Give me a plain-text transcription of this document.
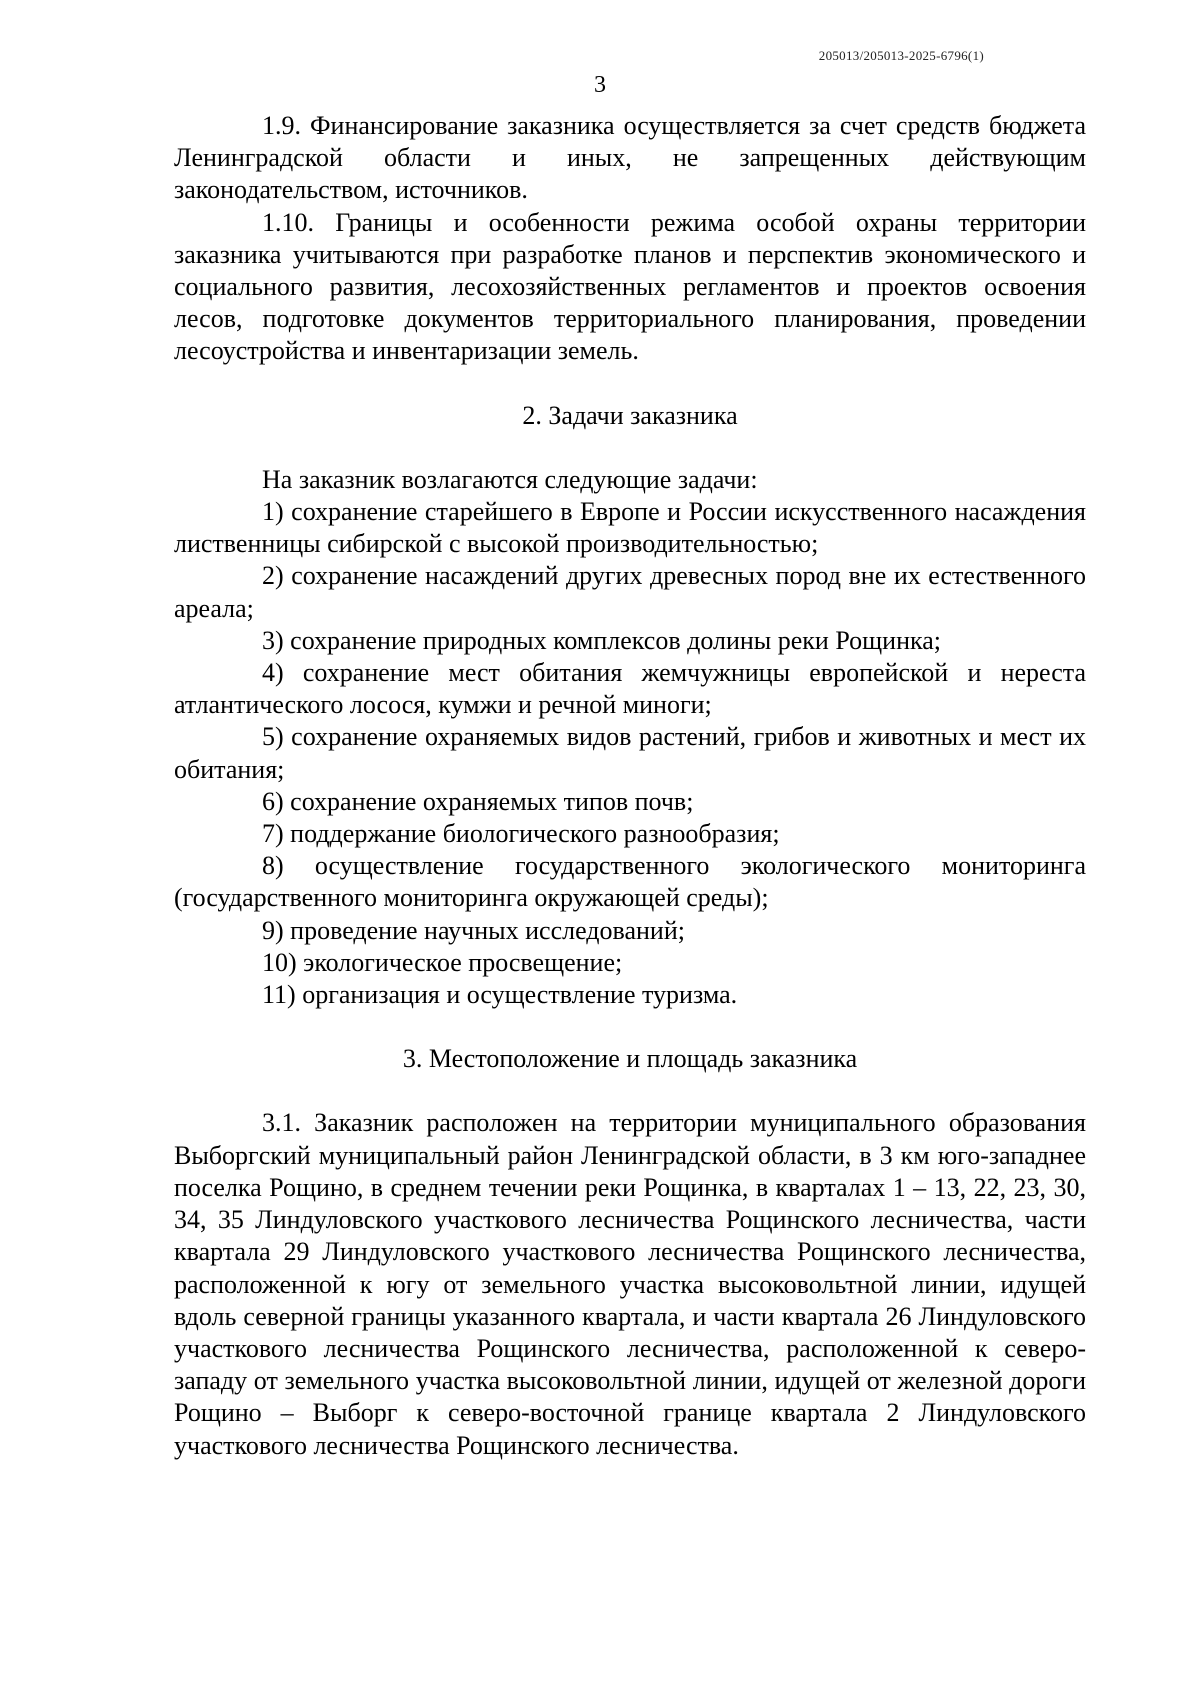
205013/205013-2025-6796(1)
3

1.9. Финансирование заказника осуществляется за счет средств бюджета Ленинградской области и иных, не запрещенных действующим законодательством, источников.

1.10. Границы и особенности режима особой охраны территории заказника учитываются при разработке планов и перспектив экономического и социального развития, лесохозяйственных регламентов и проектов освоения лесов, подготовке документов территориального планирования, проведении лесоустройства и инвентаризации земель.

2. Задачи заказника

На заказник возлагаются следующие задачи:

1) сохранение старейшего в Европе и России искусственного насаждения лиственницы сибирской с высокой производительностью;

2) сохранение насаждений других древесных пород вне их естественного ареала;

3) сохранение природных комплексов долины реки Рощинка;

4) сохранение мест обитания жемчужницы европейской и нереста атлантического лосося, кумжи и речной миноги;

5) сохранение охраняемых видов растений, грибов и животных и мест их обитания;

6) сохранение охраняемых типов почв;

7) поддержание биологического разнообразия;

8) осуществление государственного экологического мониторинга (государственного мониторинга окружающей среды);

9) проведение научных исследований;

10) экологическое просвещение;

11) организация и осуществление туризма.

3. Местоположение и площадь заказника

3.1. Заказник расположен на территории муниципального образования Выборгский муниципальный район Ленинградской области, в 3 км юго-западнее поселка Рощино, в среднем течении реки Рощинка, в кварталах 1 – 13, 22, 23, 30, 34, 35 Линдуловского участкового лесничества Рощинского лесничества, части квартала 29 Линдуловского участкового лесничества Рощинского лесничества, расположенной к югу от земельного участка высоковольтной линии, идущей вдоль северной границы указанного квартала, и части квартала 26 Линдуловского участкового лесничества Рощинского лесничества, расположенной к северо-западу от земельного участка высоковольтной линии, идущей от железной дороги Рощино – Выборг к северо-восточной границе квартала 2 Линдуловского участкового лесничества Рощинского лесничества.
